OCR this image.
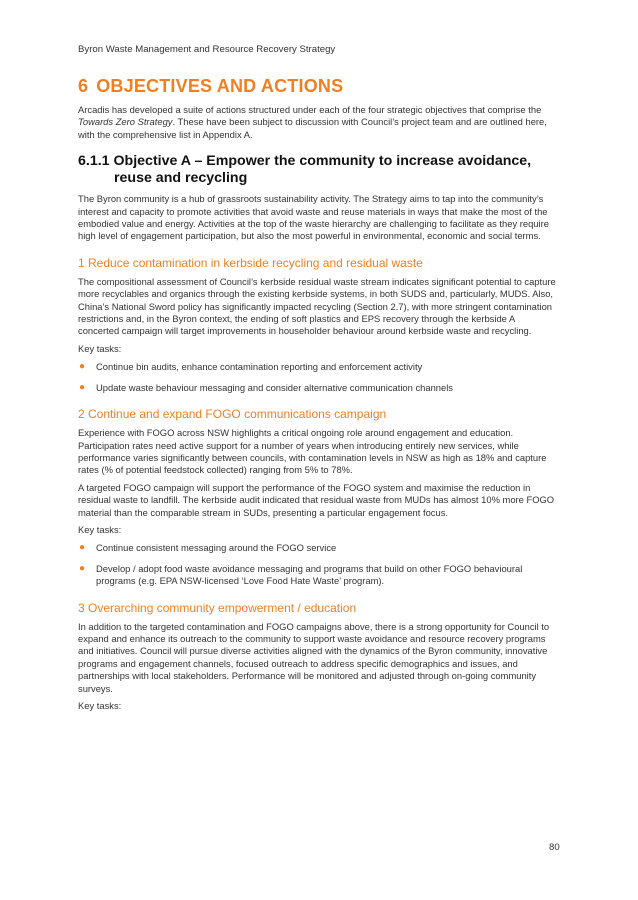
Byron Waste Management and Resource Recovery Strategy
6 OBJECTIVES AND ACTIONS

Arcadis has developed a suite of actions structured under each of the four strategic objectives that comprise the Towards Zero Strategy. These have been subject to discussion with Council’s project team and are outlined here, with the comprehensive list in Appendix A.

6.1.1 Objective A – Empower the community to increase avoidance,
reuse and recycling

The Byron community is a hub of grassroots sustainability activity. The Strategy aims to tap into the community’s interest and capacity to promote activities that avoid waste and reuse materials in ways that make the most of the embodied value and energy. Activities at the top of the waste hierarchy are challenging to facilitate as they require high level of engagement participation, but also the most powerful in environmental, economic and social terms.

1 Reduce contamination in kerbside recycling and residual waste

The compositional assessment of Council’s kerbside residual waste stream indicates significant potential to capture more recyclables and organics through the existing kerbside systems, in both SUDS and, particularly, MUDS. Also, China’s National Sword policy has significantly impacted recycling (Section 2.7), with more stringent contamination restrictions and, in the Byron context, the ending of soft plastics and EPS recovery through the kerbside A concerted campaign will target improvements in householder behaviour around kerbside waste and recycling.

Key tasks:

● Continue bin audits, enhance contamination reporting and enforcement activity
● Update waste behaviour messaging and consider alternative communication channels
2 Continue and expand FOGO communications campaign

Experience with FOGO across NSW highlights a critical ongoing role around engagement and education. Participation rates need active support for a number of years when introducing entirely new services, while performance varies significantly between councils, with contamination levels in NSW as high as 18% and capture rates (% of potential feedstock collected) ranging from 5% to 78%.

A targeted FOGO campaign will support the performance of the FOGO system and maximise the reduction in residual waste to landfill. The kerbside audit indicated that residual waste from MUDs has almost 10% more FOGO material than the comparable stream in SUDs, presenting a particular engagement focus.

Key tasks:

● Continue consistent messaging around the FOGO service
● Develop / adopt food waste avoidance messaging and programs that build on other FOGO behavioural programs (e.g. EPA NSW-licensed ‘Love Food Hate Waste’ program).
3 Overarching community empowerment / education

In addition to the targeted contamination and FOGO campaigns above, there is a strong opportunity for Council to expand and enhance its outreach to the community to support waste avoidance and resource recovery programs and initiatives. Council will pursue diverse activities aligned with the dynamics of the Byron community, innovative programs and engagement channels, focused outreach to address specific demographics and issues, and partnerships with local stakeholders. Performance will be monitored and adjusted through on-going community surveys.

Key tasks:

80
